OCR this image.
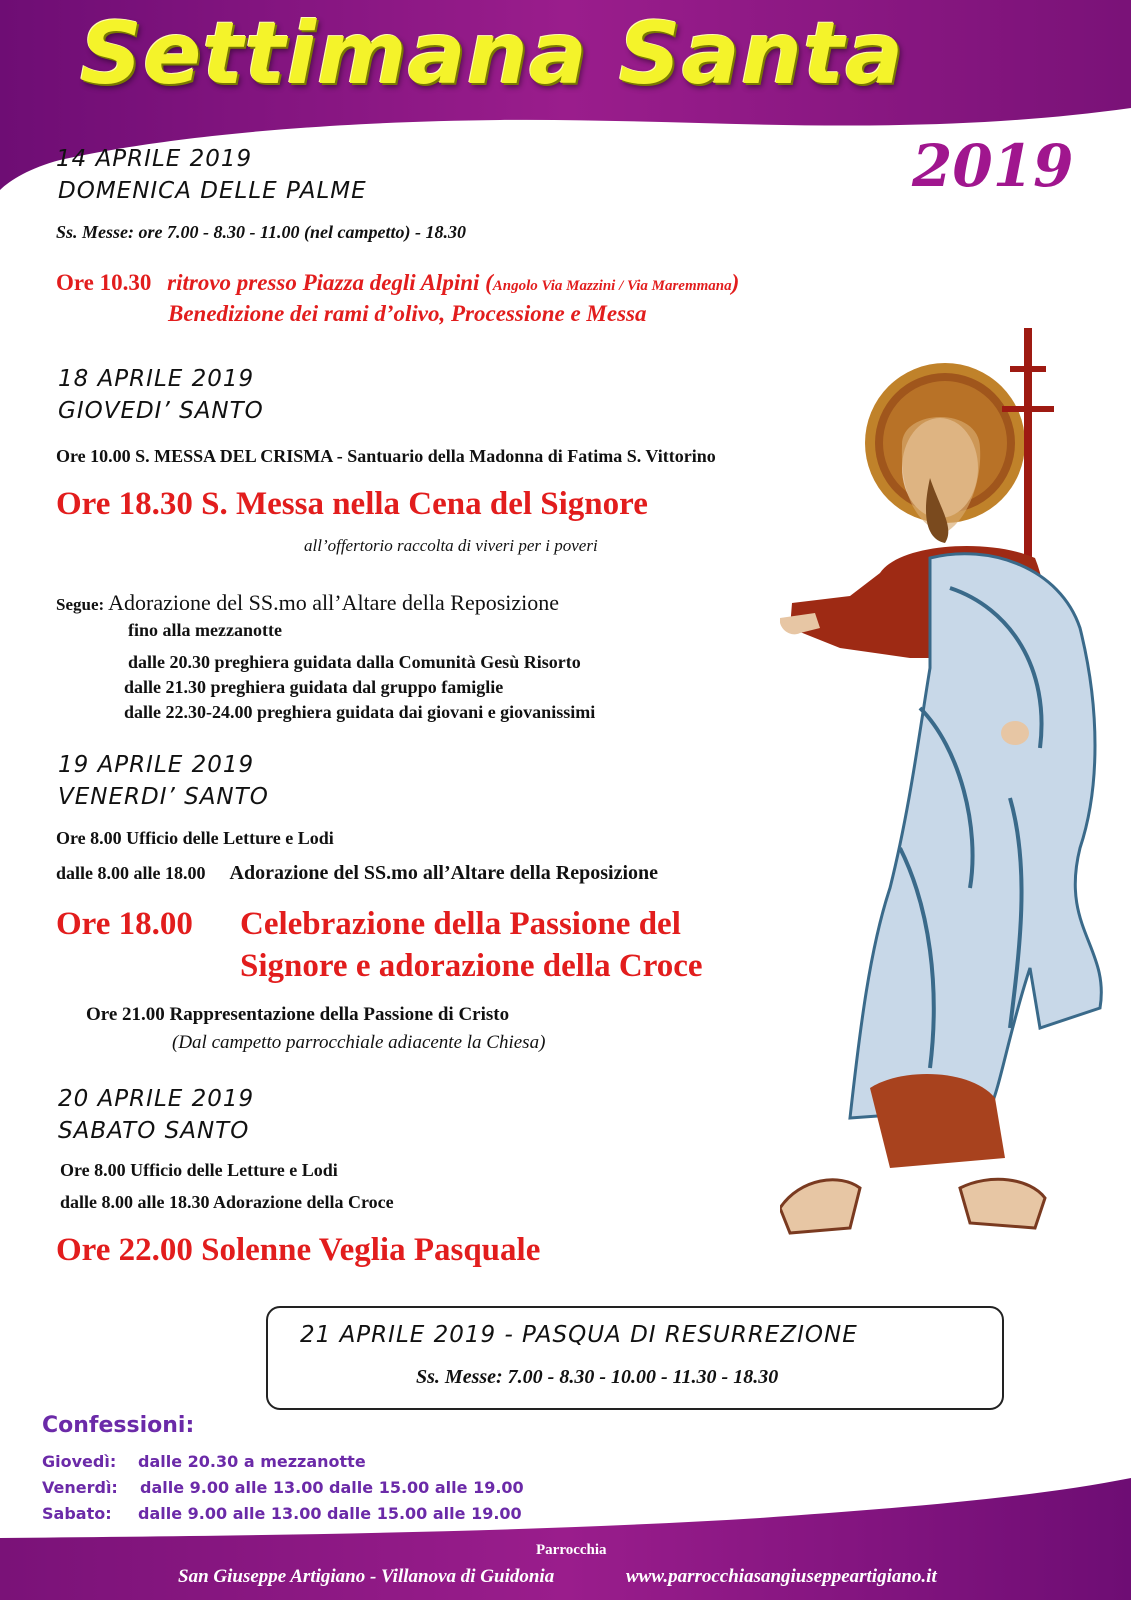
Settimana Santa
2019
14 APRILE 2019
DOMENICA DELLE PALME
Ss. Messe: ore 7.00 - 8.30 - 11.00 (nel campetto) - 18.30
Ore 10.30 ritrovo presso Piazza degli Alpini (Angolo Via Mazzini / Via Maremmana)
Benedizione dei rami d’olivo, Processione e Messa
18 APRILE 2019
GIOVEDI’ SANTO
Ore 10.00 S. MESSA DEL CRISMA - Santuario della Madonna di Fatima S. Vittorino
Ore 18.30 S. Messa nella Cena del Signore
all’offertorio raccolta di viveri per i poveri
Segue: Adorazione del SS.mo all’Altare della Reposizione
fino alla mezzanotte
dalle 20.30 preghiera guidata dalla Comunità Gesù Risorto
dalle 21.30 preghiera guidata dal gruppo famiglie
dalle 22.30-24.00 preghiera guidata dai giovani e giovanissimi
19 APRILE 2019
VENERDI’ SANTO
Ore 8.00 Ufficio delle Letture e Lodi
dalle 8.00 alle 18.00 Adorazione del SS.mo all’Altare della Reposizione
Ore 18.00 Celebrazione della Passione del
Signore e adorazione della Croce
Ore 21.00 Rappresentazione della Passione di Cristo
(Dal campetto parrocchiale adiacente la Chiesa)
20 APRILE 2019
SABATO SANTO
Ore 8.00 Ufficio delle Letture e Lodi
dalle 8.00 alle 18.30 Adorazione della Croce
Ore 22.00 Solenne Veglia Pasquale
21 APRILE 2019 - PASQUA DI RESURREZIONE
Ss. Messe: 7.00 - 8.30 - 10.00 - 11.30 - 18.30
Confessioni:
Giovedì: dalle 20.30 a mezzanotte
Venerdì: dalle 9.00 alle 13.00 dalle 15.00 alle 19.00
Sabato: dalle 9.00 alle 13.00 dalle 15.00 alle 19.00
Parrocchia
San Giuseppe Artigiano - Villanova di Guidonia	www.parrocchiasangiuseppeartigiano.it
